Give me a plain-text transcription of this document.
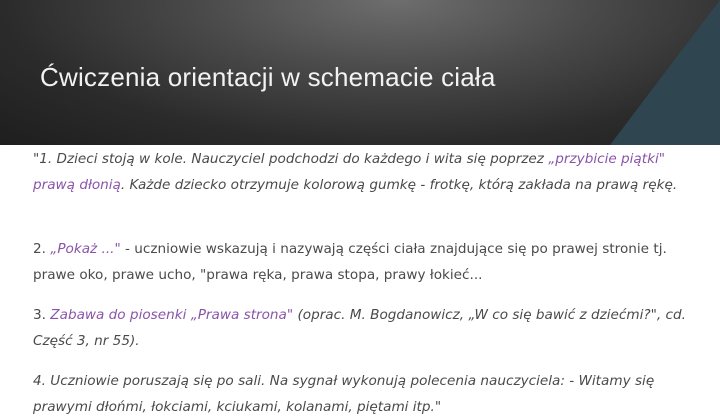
Ćwiczenia orientacji w schemacie ciała

"1. Dzieci stoją w kole. Nauczyciel podchodzi do każdego i wita się poprzez „przybicie piątki" prawą dłonią. Każde dziecko otrzymuje kolorową gumkę - frotkę, którą zakłada na prawą rękę.

2. „Pokaż ..." - uczniowie wskazują i nazywają części ciała znajdujące się po prawej stronie tj. prawe oko, prawe ucho, "prawa ręka, prawa stopa, prawy łokieć...

3. Zabawa do piosenki „Prawa strona" (oprac. M. Bogdanowicz, „W co się bawić z dziećmi?", cd. Część 3, nr 55).

4. Uczniowie poruszają się po sali. Na sygnał wykonują polecenia nauczyciela: - Witamy się prawymi dłońmi, łokciami, kciukami, kolanami, piętami itp."
